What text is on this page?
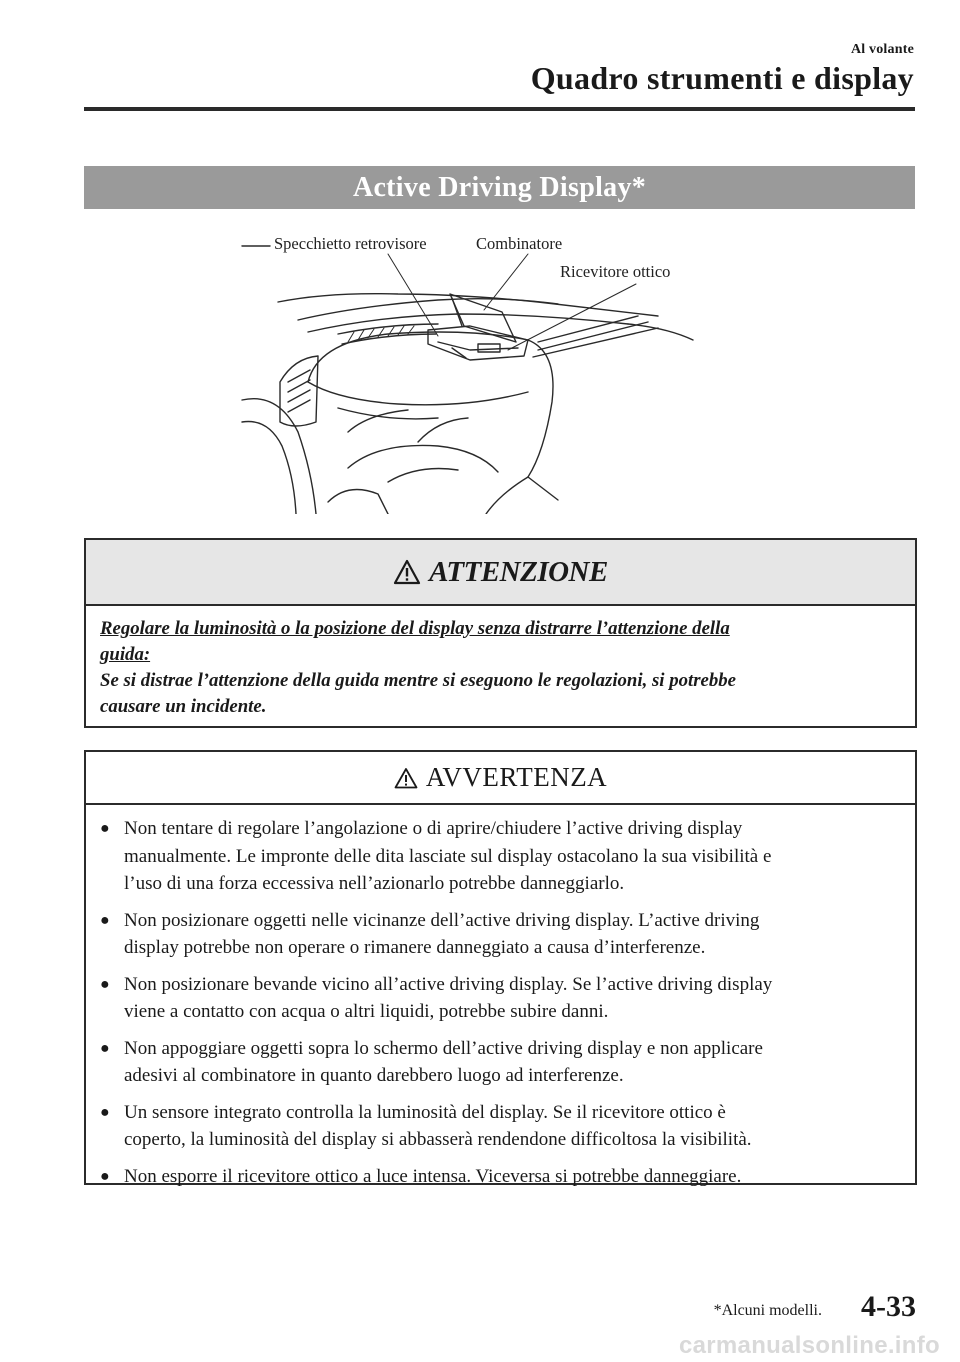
Al volante
Quadro strumenti e display
Active Driving Display*
Specchietto retrovisore	Combinatore
Ricevitore ottico
ATTENZIONE
Regolare la luminosità o la posizione del display senza distrarre l’attenzione della
guida:
Se si distrae l’attenzione della guida mentre si eseguono le regolazioni, si potrebbe
causare un incidente.
AVVERTENZA
● Non tentare di regolare l’angolazione o di aprire/chiudere l’active driving display
manualmente. Le impronte delle dita lasciate sul display ostacolano la sua visibilità e
l’uso di una forza eccessiva nell’azionarlo potrebbe danneggiarlo.
● Non posizionare oggetti nelle vicinanze dell’active driving display. L’active driving
display potrebbe non operare o rimanere danneggiato a causa d’interferenze.
● Non posizionare bevande vicino all’active driving display. Se l’active driving display
viene a contatto con acqua o altri liquidi, potrebbe subire danni.
● Non appoggiare oggetti sopra lo schermo dell’active driving display e non applicare
adesivi al combinatore in quanto darebbero luogo ad interferenze.
● Un sensore integrato controlla la luminosità del display. Se il ricevitore ottico è
coperto, la luminosità del display si abbasserà rendendone difficoltosa la visibilità.
● Non esporre il ricevitore ottico a luce intensa. Viceversa si potrebbe danneggiare.
*Alcuni modelli. 4-33
carmanualsonline.info
